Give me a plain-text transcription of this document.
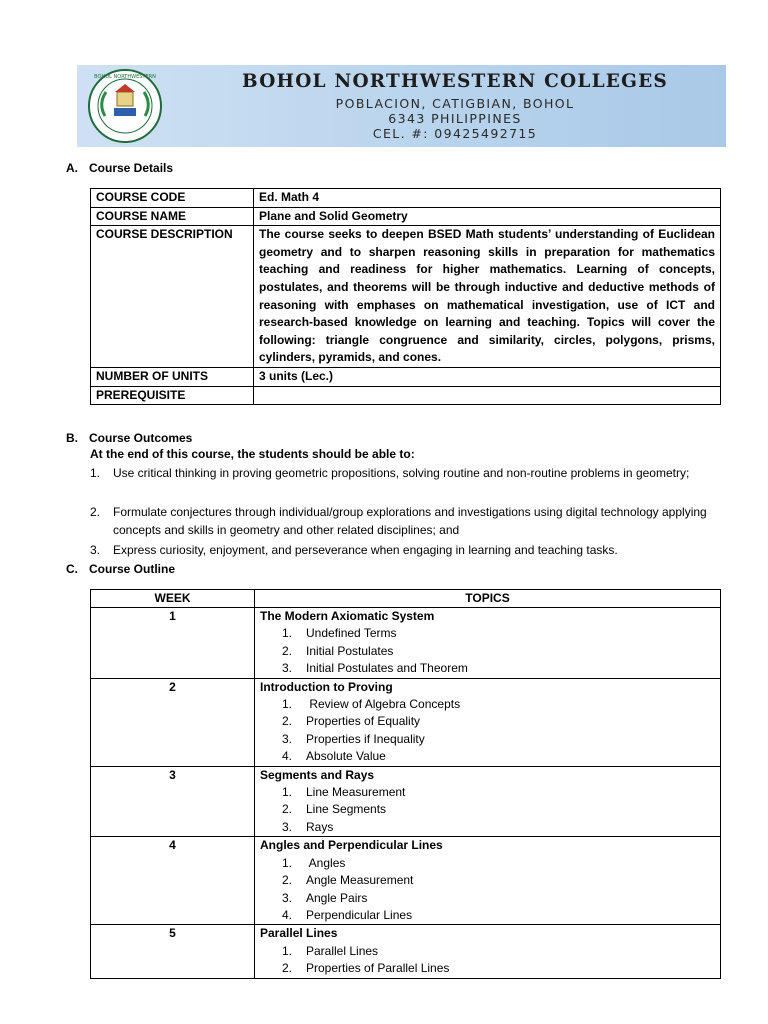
BOHOL NORTHWESTERN	BOHOL NORTHWESTERN COLLEGES
POBLACION, CATIGBIAN, BOHOL
6343 PHILIPPINES
CEL. #: 09425492715
A. Course Details
COURSE CODE	Ed. Math 4
COURSE NAME	Plane and Solid Geometry
COURSE DESCRIPTION	The course seeks to deepen BSED Math students’ understanding of Euclidean geometry and to sharpen reasoning skills in preparation for mathematics teaching and readiness for higher mathematics. Learning of concepts, postulates, and theorems will be through inductive and deductive methods of reasoning with emphases on mathematical investigation, use of ICT and research-based knowledge on learning and teaching. Topics will cover the following: triangle congruence and similarity, circles, polygons, prisms, cylinders, pyramids, and cones.
NUMBER OF UNITS	3 units (Lec.)
PREREQUISITE	
B. Course Outcomes
At the end of this course, the students should be able to:
1. Use critical thinking in proving geometric propositions, solving routine and non-routine problems in geometry;
2. Formulate conjectures through individual/group explorations and investigations using digital technology applying concepts and skills in geometry and other related disciplines; and
3. Express curiosity, enjoyment, and perseverance when engaging in learning and teaching tasks.
C. Course Outline
WEEK	TOPICS
1	The Modern Axiomatic System
1. Undefined Terms
2. Initial Postulates
3. Initial Postulates and Theorem

2	Introduction to Proving
1. Review of Algebra Concepts
2. Properties of Equality
3. Properties if Inequality
4. Absolute Value

3	Segments and Rays
1. Line Measurement
2. Line Segments
3. Rays

4	Angles and Perpendicular Lines
1. Angles
2. Angle Measurement
3. Angle Pairs
4. Perpendicular Lines

5	Parallel Lines
1. Parallel Lines
2. Properties of Parallel Lines
